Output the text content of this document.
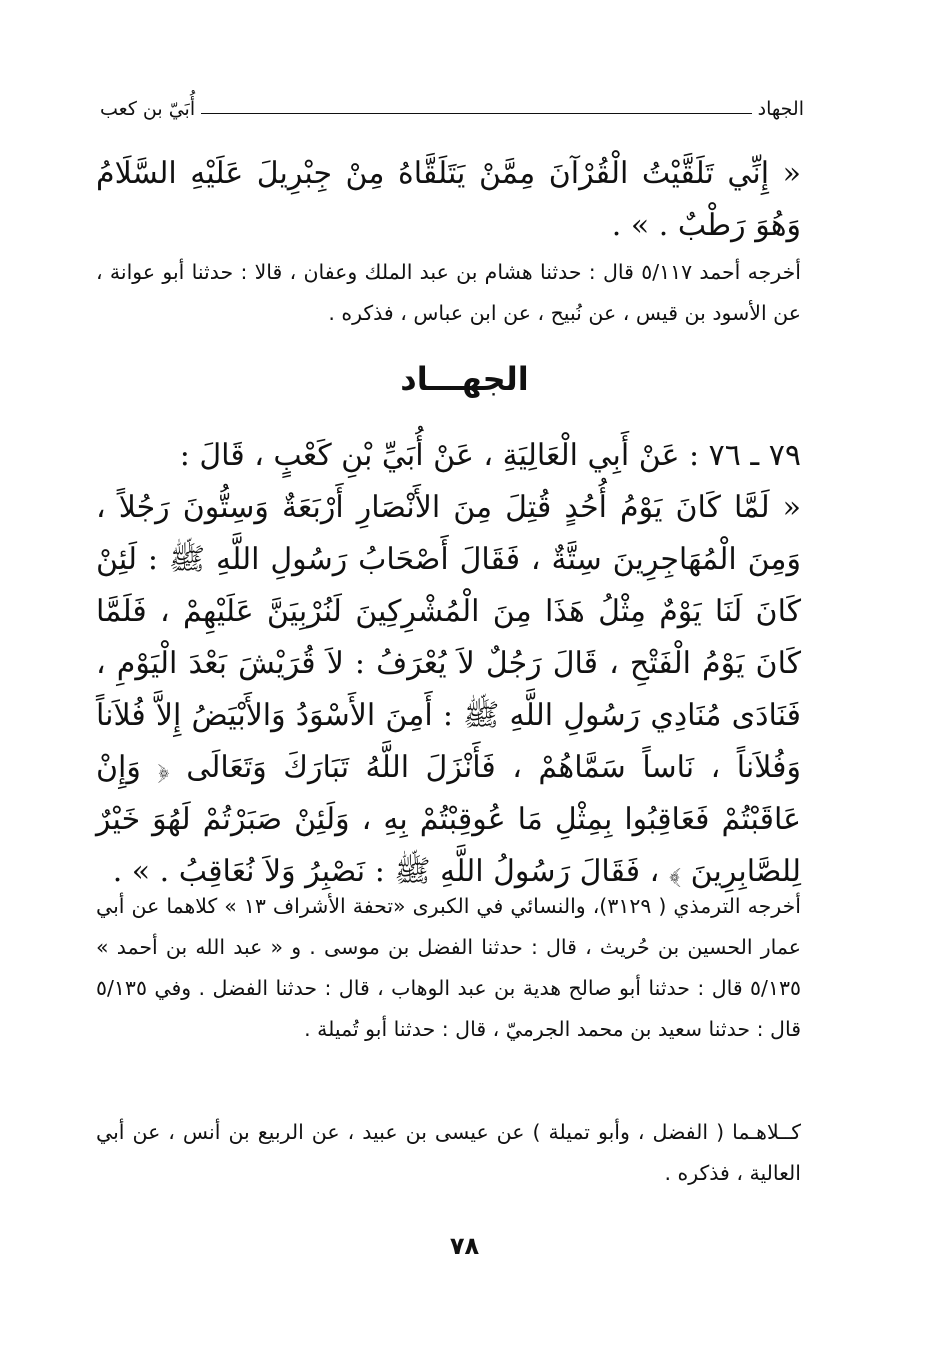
الجهاد
أُبَيّ بن كعب

« إِنِّي تَلَقَّيْتُ الْقُرْآنَ مِمَّنْ يَتَلَقَّاهُ مِنْ جِبْرِيلَ عَلَيْهِ السَّلَامُ وَهُوَ رَطْبٌ . » .

أخرجه أحمد ٥/١١٧ قال : حدثنا هشام بن عبد الملك وعفان ، قالا : حدثنا أبو عوانة ، عن الأسود بن قيس ، عن نُبيح ، عن ابن عباس ، فذكره .

الجهـــاد

٧٩ ـ ٧٦ : عَنْ أَبِي الْعَالِيَةِ ، عَنْ أُبَيِّ بْنِ كَعْبٍ ، قَالَ :

« لَمَّا كَانَ يَوْمُ أُحُدٍ قُتِلَ مِنَ الأَنْصَارِ أَرْبَعَةٌ وَسِتُّونَ رَجُلاً ، وَمِنَ الْمُهَاجِرِينَ سِتَّةٌ ، فَقَالَ أَصْحَابُ رَسُولِ اللَّهِ ﷺ : لَئِنْ كَانَ لَنَا يَوْمٌ مِثْلُ هَذَا مِنَ الْمُشْرِكِينَ لَنُرْبِيَنَّ عَلَيْهِمْ ، فَلَمَّا كَانَ يَوْمُ الْفَتْحِ ، قَالَ رَجُلٌ لاَ يُعْرَفُ : لاَ قُرَيْشَ بَعْدَ الْيَوْمِ ، فَنَادَى مُنَادِي رَسُولِ اللَّهِ ﷺ : أَمِنَ الأَسْوَدُ وَالأَبْيَضُ إِلاَّ فُلاَناً وَفُلاَناً ، نَاساً سَمَّاهُمْ ، فَأَنْزَلَ اللَّهُ تَبَارَكَ وَتَعَالَى ﴿ وَإِنْ عَاقَبْتُمْ فَعَاقِبُوا بِمِثْلِ مَا عُوقِبْتُمْ بِهِ ، وَلَئِنْ صَبَرْتُمْ لَهُوَ خَيْرٌ لِلصَّابِرِينَ ﴾ ، فَقَالَ رَسُولُ اللَّهِ ﷺ : نَصْبِرُ وَلاَ نُعَاقِبُ . » .

أخرجه الترمذي ( ٣١٢٩)، والنسائي في الكبرى «تحفة الأشراف ١٣ » كلاهما عن أبي عمار الحسين بن حُريث ، قال : حدثنا الفضل بن موسى . و « عبد الله بن أحمد » ٥/١٣٥ قال : حدثنا أبو صالح هدية بن عبد الوهاب ، قال : حدثنا الفضل . وفي ٥/١٣٥ قال : حدثنا سعيد بن محمد الجرميّ ، قال : حدثنا أبو تُميلة .

كــلاهـما ( الفضل ، وأبو تميلة ) عن عيسى بن عبيد ، عن الربيع بن أنس ، عن أبي العالية ، فذكره .

٧٨
